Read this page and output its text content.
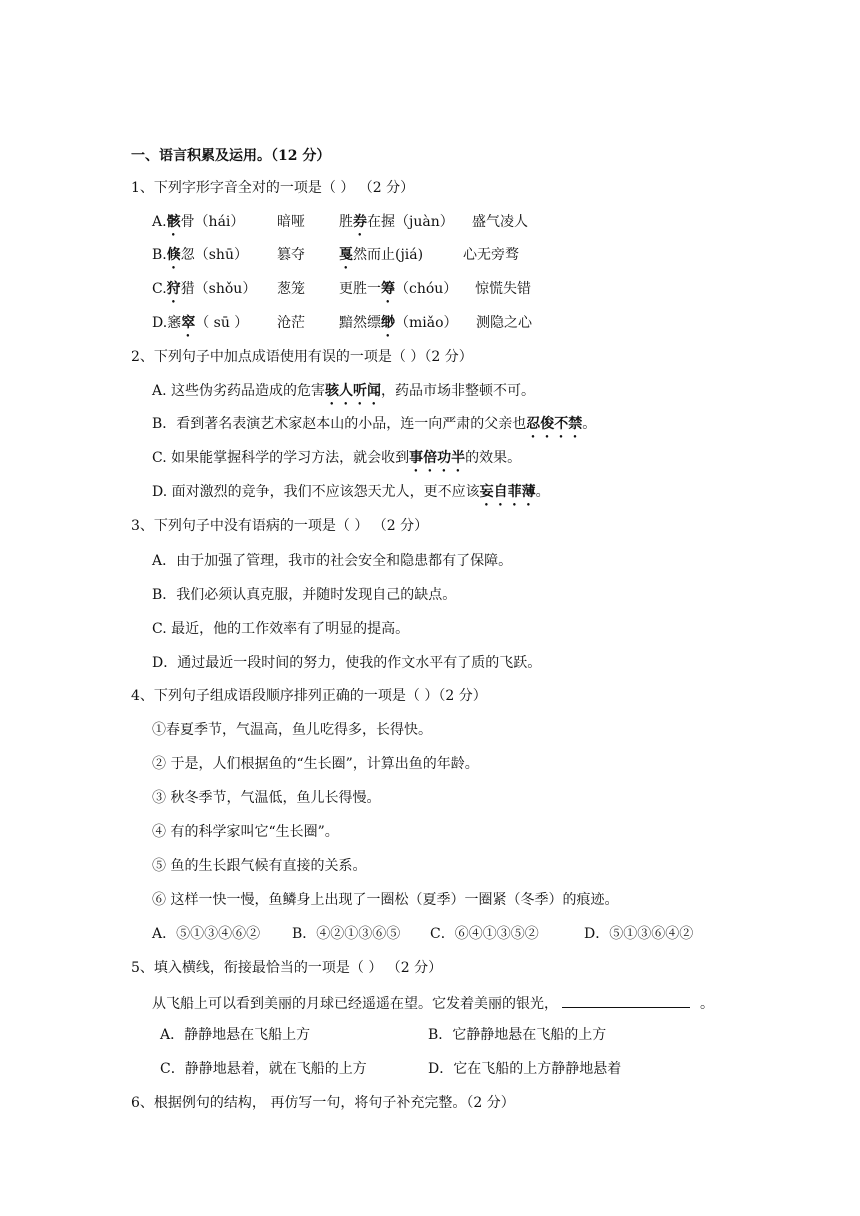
一、语言积累及运用。（12 分）
1、下列字形字音全对的一项是（ ） （2 分）
A.骸骨（hái） 暗哑 胜券在握（juàn） 盛气凌人
B.倏忽（shū） 篡夺 戛然而止(jiá)	心无旁骛
C.狩猎（shǒu） 葱笼 更胜一筹（chóu） 惊慌失错
D.窸窣（ sū ） 沧茫 黯然缥缈（miǎo） 测隐之心
2、下列句子中加点成语使用有误的一项是（ ）（2 分）
A. 这些伪劣药品造成的危害骇人听闻，药品市场非整顿不可。
B．看到著名表演艺术家赵本山的小品，连一向严肃的父亲也忍俊不禁。
C. 如果能掌握科学的学习方法，就会收到事倍功半的效果。
D. 面对激烈的竞争，我们不应该怨天尤人，更不应该妄自菲薄。
3、下列句子中没有语病的一项是（ ） （2 分）
A．由于加强了管理，我市的社会安全和隐患都有了保障。
B．我们必须认真克服，并随时发现自己的缺点。
C. 最近，他的工作效率有了明显的提高。
D．通过最近一段时间的努力，使我的作文水平有了质的飞跃。
4、下列句子组成语段顺序排列正确的一项是（ ）（2 分）
①春夏季节，气温高，鱼儿吃得多，长得快。
② 于是，人们根据鱼的“生长圈”，计算出鱼的年龄。
③ 秋冬季节，气温低，鱼儿长得慢。
④ 有的科学家叫它“生长圈”。
⑤ 鱼的生长跟气候有直接的关系。
⑥ 这样一快一慢，鱼鳞身上出现了一圈松（夏季）一圈紧（冬季）的痕迹。
A．⑤①③④⑥② B．④②①③⑥⑤ C．⑥④①③⑤②	D．⑤①③⑥④②
5、填入横线，衔接最恰当的一项是（ ） （2 分）
从飞船上可以看到美丽的月球已经遥遥在望。它发着美丽的银光，	。
A．静静地悬在飞船上方	B．它静静地悬在飞船的上方
C．静静地悬着，就在飞船的上方	D．它在飞船的上方静静地悬着
6、根据例句的结构， 再仿写一句，将句子补充完整。（2 分）
